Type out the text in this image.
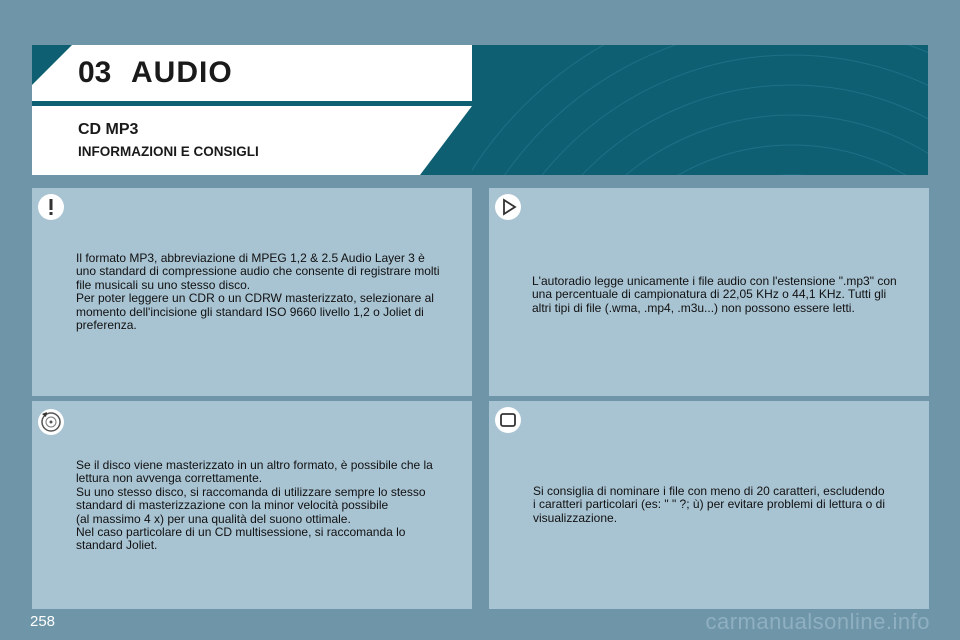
03 AUDIO
CD MP3
INFORMAZIONI E CONSIGLI
Il formato MP3, abbreviazione di MPEG 1,2 & 2.5 Audio Layer 3 è
uno standard di compressione audio che consente di registrare molti
file musicali su uno stesso disco.
Per poter leggere un CDR o un CDRW masterizzato, selezionare al
momento dell'incisione gli standard ISO 9660 livello 1,2 o Joliet di
preferenza.
L'autoradio legge unicamente i file audio con l'estensione ".mp3" con
una percentuale di campionatura di 22,05 KHz o 44,1 KHz. Tutti gli
altri tipi di file (.wma, .mp4, .m3u...) non possono essere letti.
Se il disco viene masterizzato in un altro formato, è possibile che la
lettura non avvenga correttamente.
Su uno stesso disco, si raccomanda di utilizzare sempre lo stesso
standard di masterizzazione con la minor velocità possibile
(al massimo 4 x) per una qualità del suono ottimale.
Nel caso particolare di un CD multisessione, si raccomanda lo
standard Joliet.
Si consiglia di nominare i file con meno di 20 caratteri, escludendo
i caratteri particolari (es: " " ?; ù) per evitare problemi di lettura o di
visualizzazione.
258	carmanualsonline.info
